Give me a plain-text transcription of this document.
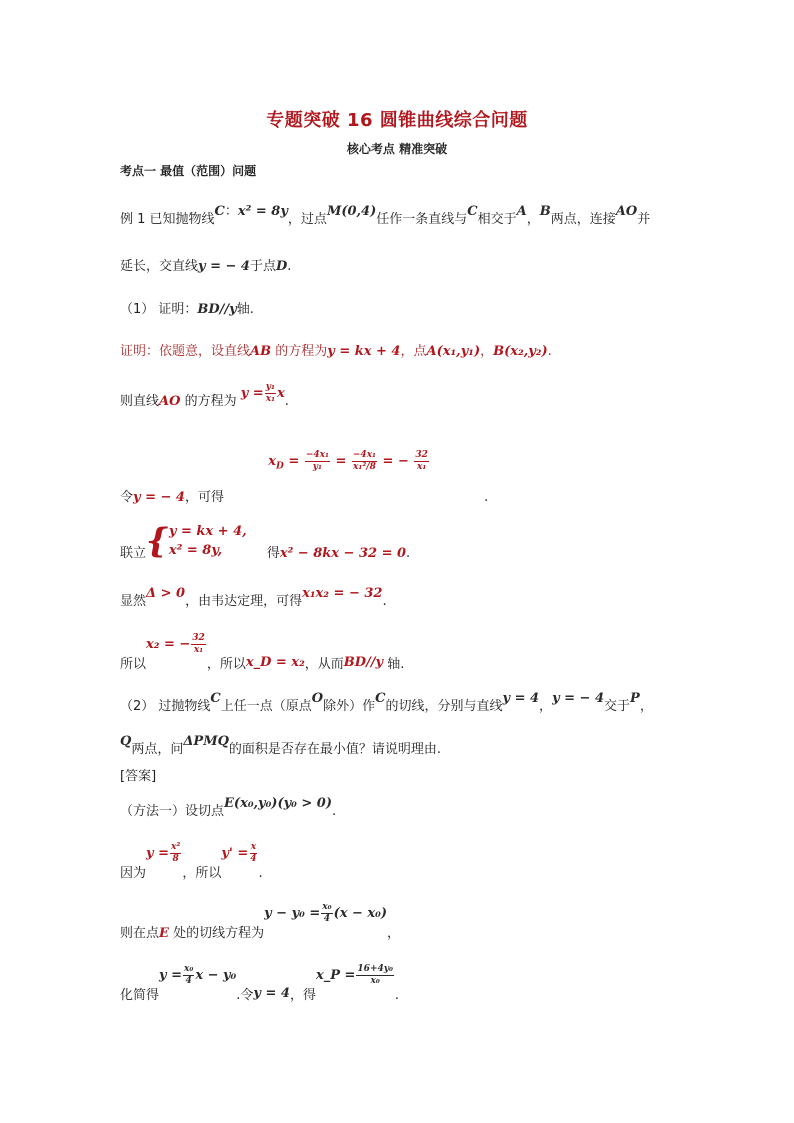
专题突破 16 圆锥曲线综合问题
核心考点 精准突破
考点一 最值（范围）问题
例 1 已知抛物线C：x² = 8y，过点M(0,4)任作一条直线与C相交于A，B两点，连接AO并
延长，交直线y = − 4于点D.
（1） 证明：BD//y轴.
证明：依题意，设直线AB 的方程为y = kx + 4，点A(x₁,y₁)，B(x₂,y₂).
则直线AO 的方程为 $y = \frac{\text{y₁}}{\text{x₁}} x$.
令y = − 4，可得  $x_D = \frac{\text{−4x₁}}{\text{y₁}} = \frac{\text{−4x₁}}{\text{x₁²/8}}$ = − $\frac{32}{\text{x₁}}$
.
联立 { y = kx + 4,
x² = 8y,	得x² − 8kx − 32 = 0.
显然Δ > 0，由韦达定理，可得x₁x₂ = − 32.
所以x₂ = − $\frac{32}{\text{x₁}}$
，所以x_D = x₂，从而BD//y 轴.
（2） 过抛物线C上任一点（原点O除外）作C的切线，分别与直线y = 4，y = − 4交于P，
Q两点，问ΔPMQ的面积是否存在最小值？请说明理由.
[答案]
（方法一）设切点E(x₀,y₀)(y₀ > 0).
因为$y = \frac{\text{x²}}{8}$
，所以$y' = \frac{x}{4}$
.
则在点E 处的切线方程为$y - y_0 = \frac{\text{x₀}}{4} (x - x_0)$，
化简得$y = \frac{\text{x₀}}{4}$ x − y₀.令y = 4，得x_P = $\frac{\text{16+4y₀}}{\text{x₀}}$
.
